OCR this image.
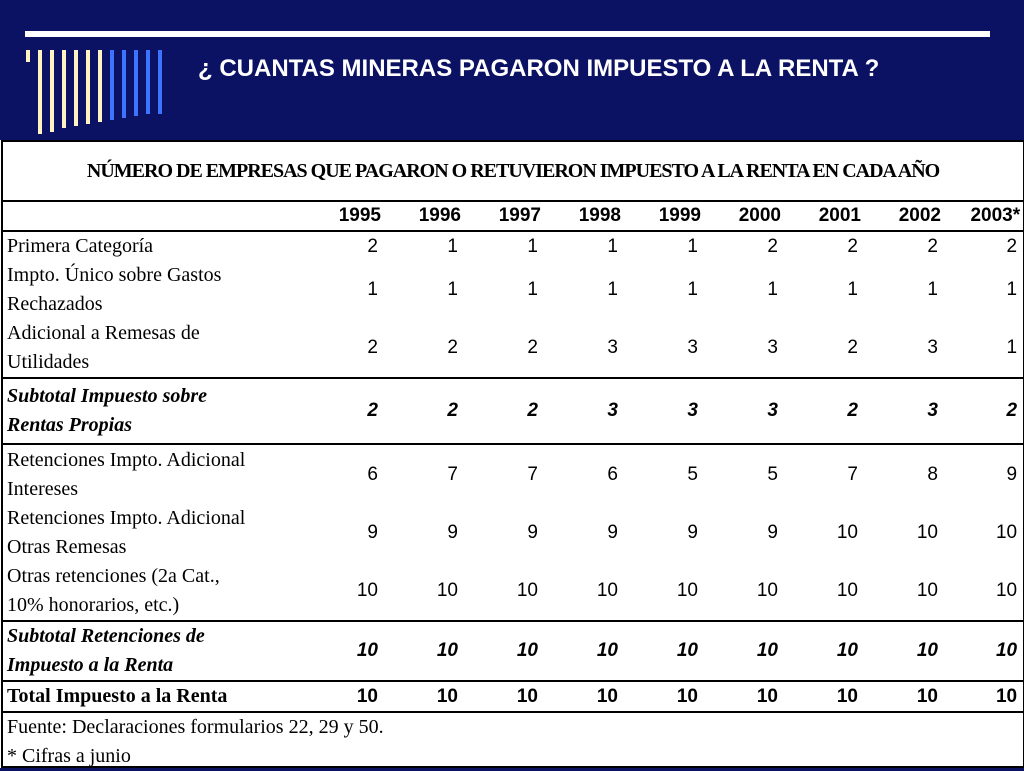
¿ CUANTAS MINERAS PAGARON IMPUESTO A LA RENTA ?
NÚMERO DE EMPRESAS QUE PAGARON O RETUVIERON IMPUESTO A LA RENTA EN CADA AÑO									
	1995	1996	1997	1998	1999	2000	2001	2002	2003*

Primera Categoría	2	1	1	1	1	2	2	2	2

Impto. Único sobre Gastos
Rechazados	1	1	1	1	1	1	1	1	1

Adicional a Remesas de
Utilidades	2	2	2	3	3	3	2	3	1

Subtotal Impuesto sobre
Rentas Propias	2	2	2	3	3	3	2	3	2

Retenciones Impto. Adicional
Intereses	6	7	7	6	5	5	7	8	9

Retenciones Impto. Adicional
Otras Remesas	9	9	9	9	9	9	10	10	10

Otras retenciones (2a Cat.,
10% honorarios, etc.)	10	10	10	10	10	10	10	10	10

Subtotal Retenciones de
Impuesto a la Renta	10	10	10	10	10	10	10	10	10

Total Impuesto a la Renta	10	10	10	10	10	10	10	10	10

Fuente: Declaraciones formularios 22, 29 y 50.
* Cifras a junio									
